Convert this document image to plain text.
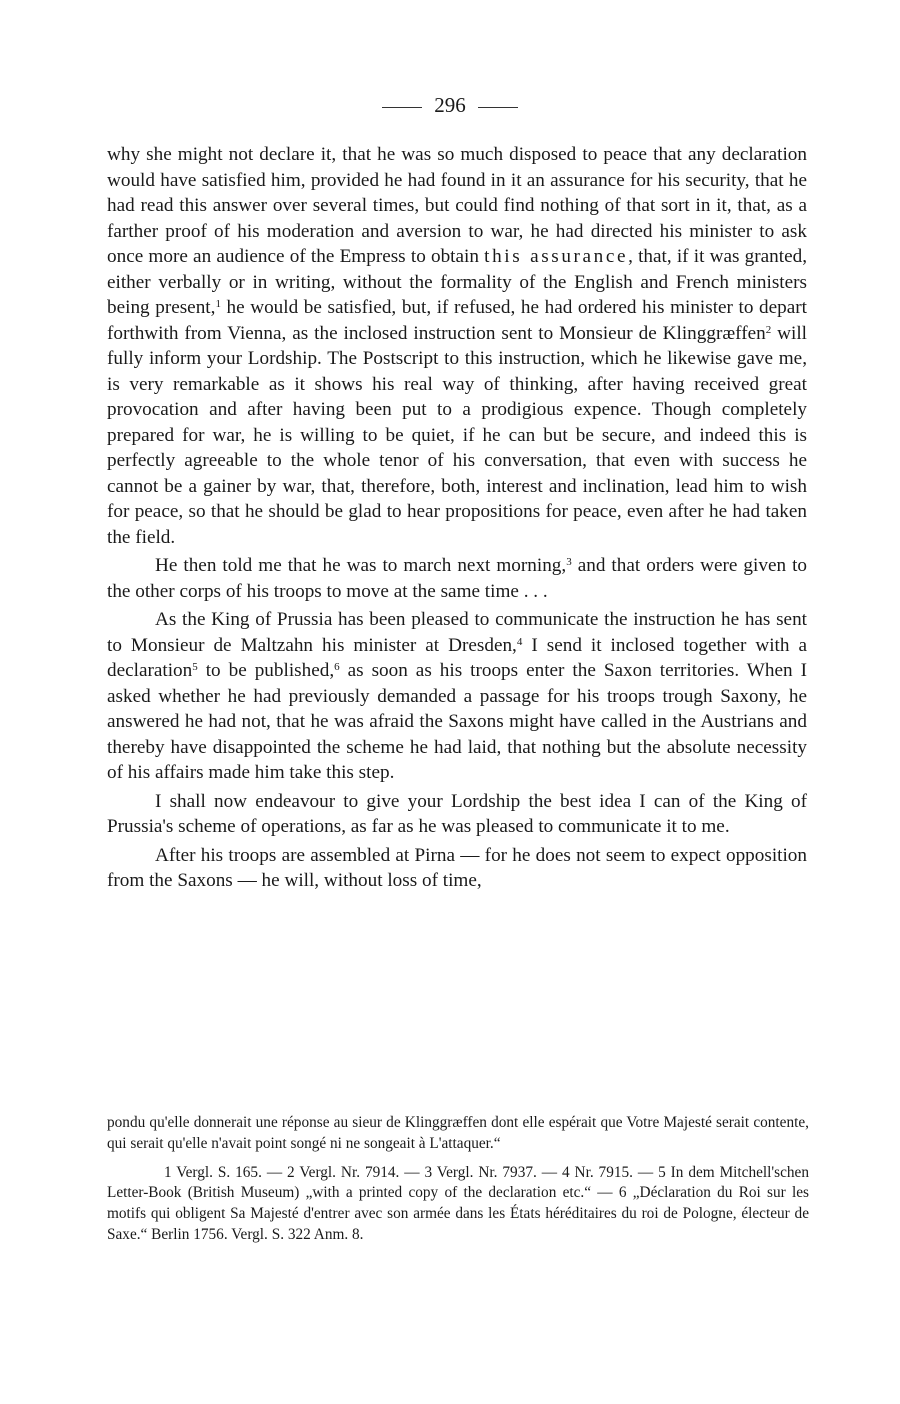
296

why she might not declare it, that he was so much disposed to peace that any declaration would have satisfied him, provided he had found in it an assurance for his security, that he had read this answer over several times, but could find nothing of that sort in it, that, as a farther proof of his moderation and aversion to war, he had directed his minister to ask once more an audience of the Empress to obtain this assurance, that, if it was granted, either verbally or in writing, without the formality of the English and French ministers being present,$^1$ he would be satisfied, but, if refused, he had ordered his minister to depart forthwith from Vienna, as the inclosed instruction sent to Monsieur de Klinggræffen$^2$ will fully inform your Lordship. The Postscript to this instruction, which he likewise gave me, is very remarkable as it shows his real way of thinking, after having received great provocation and after having been put to a prodigious expence. Though completely prepared for war, he is willing to be quiet, if he can but be secure, and indeed this is perfectly agreeable to the whole tenor of his conversation, that even with success he cannot be a gainer by war, that, therefore, both, interest and inclination, lead him to wish for peace, so that he should be glad to hear propositions for peace, even after he had taken the field.

He then told me that he was to march next morning,$^3$ and that orders were given to the other corps of his troops to move at the same time . . .

As the King of Prussia has been pleased to communicate the instruction he has sent to Monsieur de Maltzahn his minister at Dresden,$^4$ I send it inclosed together with a declaration$^5$ to be published,$^6$ as soon as his troops enter the Saxon territories. When I asked whether he had previously demanded a passage for his troops trough Saxony, he answered he had not, that he was afraid the Saxons might have called in the Austrians and thereby have disappointed the scheme he had laid, that nothing but the absolute necessity of his affairs made him take this step.

I shall now endeavour to give your Lordship the best idea I can of the King of Prussia's scheme of operations, as far as he was pleased to communicate it to me.

After his troops are assembled at Pirna — for he does not seem to expect opposition from the Saxons — he will, without loss of time,

pondu qu'elle donnerait une réponse au sieur de Klinggræffen dont elle espérait que Votre Majesté serait contente, qui serait qu'elle n'avait point songé ni ne songeait à L'attaquer.“

1 Vergl. S. 165. — 2 Vergl. Nr. 7914. — 3 Vergl. Nr. 7937. — 4 Nr. 7915. — 5 In dem Mitchell'schen Letter-Book (British Museum) „with a printed copy of the declaration etc.“ — 6 „Déclaration du Roi sur les motifs qui obligent Sa Majesté d'entrer avec son armée dans les États héréditaires du roi de Pologne, électeur de Saxe.“ Berlin 1756. Vergl. S. 322 Anm. 8.
